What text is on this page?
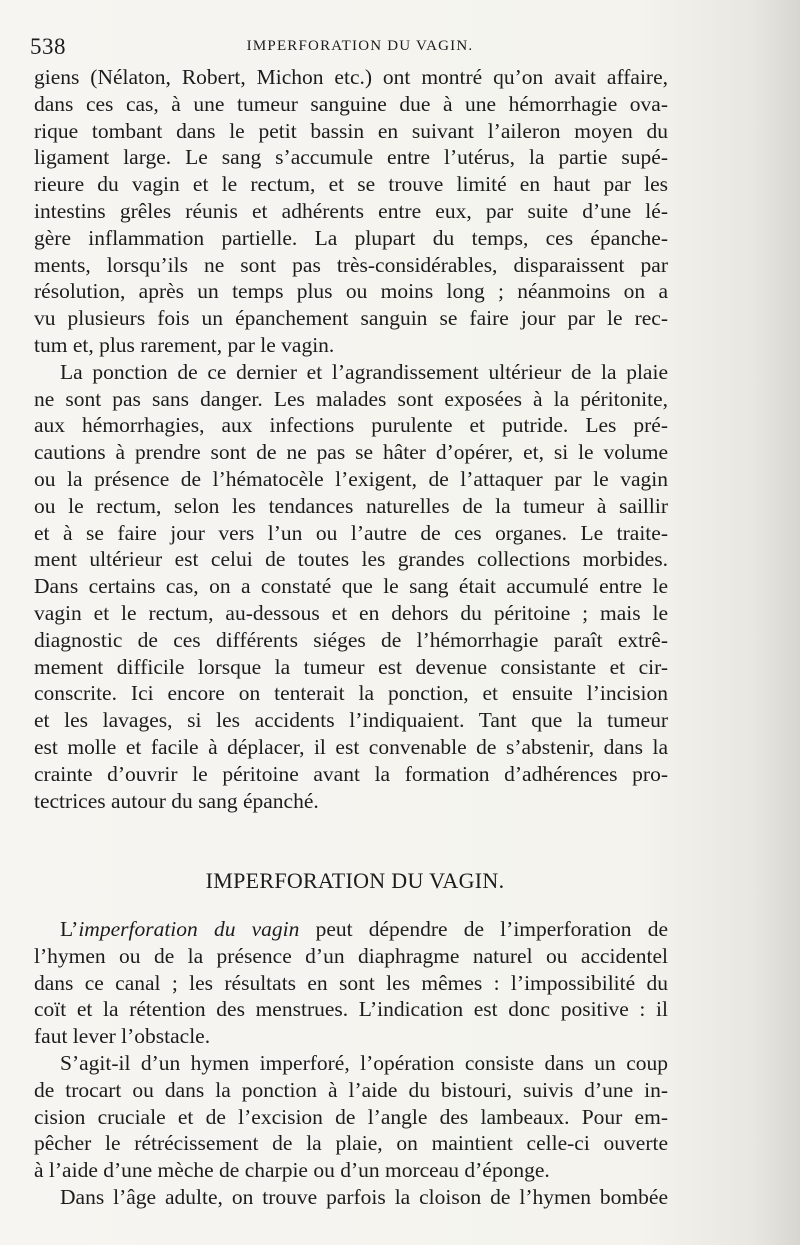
538	IMPERFORATION DU VAGIN.
giens (Nélaton, Robert, Michon etc.) ont montré qu’on avait affaire,
dans ces cas, à une tumeur sanguine due à une hémorrhagie ova-
rique tombant dans le petit bassin en suivant l’aileron moyen du
ligament large. Le sang s’accumule entre l’utérus, la partie supé-
rieure du vagin et le rectum, et se trouve limité en haut par les
intestins grêles réunis et adhérents entre eux, par suite d’une lé-
gère inflammation partielle. La plupart du temps, ces épanche-
ments, lorsqu’ils ne sont pas très-considérables, disparaissent par
résolution, après un temps plus ou moins long ; néanmoins on a
vu plusieurs fois un épanchement sanguin se faire jour par le rec-
tum et, plus rarement, par le vagin.
La ponction de ce dernier et l’agrandissement ultérieur de la plaie
ne sont pas sans danger. Les malades sont exposées à la péritonite,
aux hémorrhagies, aux infections purulente et putride. Les pré-
cautions à prendre sont de ne pas se hâter d’opérer, et, si le volume
ou la présence de l’hématocèle l’exigent, de l’attaquer par le vagin
ou le rectum, selon les tendances naturelles de la tumeur à saillir
et à se faire jour vers l’un ou l’autre de ces organes. Le traite-
ment ultérieur est celui de toutes les grandes collections morbides.
Dans certains cas, on a constaté que le sang était accumulé entre le
vagin et le rectum, au-dessous et en dehors du péritoine ; mais le
diagnostic de ces différents siéges de l’hémorrhagie paraît extrê-
mement difficile lorsque la tumeur est devenue consistante et cir-
conscrite. Ici encore on tenterait la ponction, et ensuite l’incision
et les lavages, si les accidents l’indiquaient. Tant que la tumeur
est molle et facile à déplacer, il est convenable de s’abstenir, dans la
crainte d’ouvrir le péritoine avant la formation d’adhérences pro-
tectrices autour du sang épanché.
IMPERFORATION DU VAGIN.
L’imperforation du vagin peut dépendre de l’imperforation de
l’hymen ou de la présence d’un diaphragme naturel ou accidentel
dans ce canal ; les résultats en sont les mêmes : l’impossibilité du
coït et la rétention des menstrues. L’indication est donc positive : il
faut lever l’obstacle.
S’agit-il d’un hymen imperforé, l’opération consiste dans un coup
de trocart ou dans la ponction à l’aide du bistouri, suivis d’une in-
cision cruciale et de l’excision de l’angle des lambeaux. Pour em-
pêcher le rétrécissement de la plaie, on maintient celle-ci ouverte
à l’aide d’une mèche de charpie ou d’un morceau d’éponge.
Dans l’âge adulte, on trouve parfois la cloison de l’hymen bombée
